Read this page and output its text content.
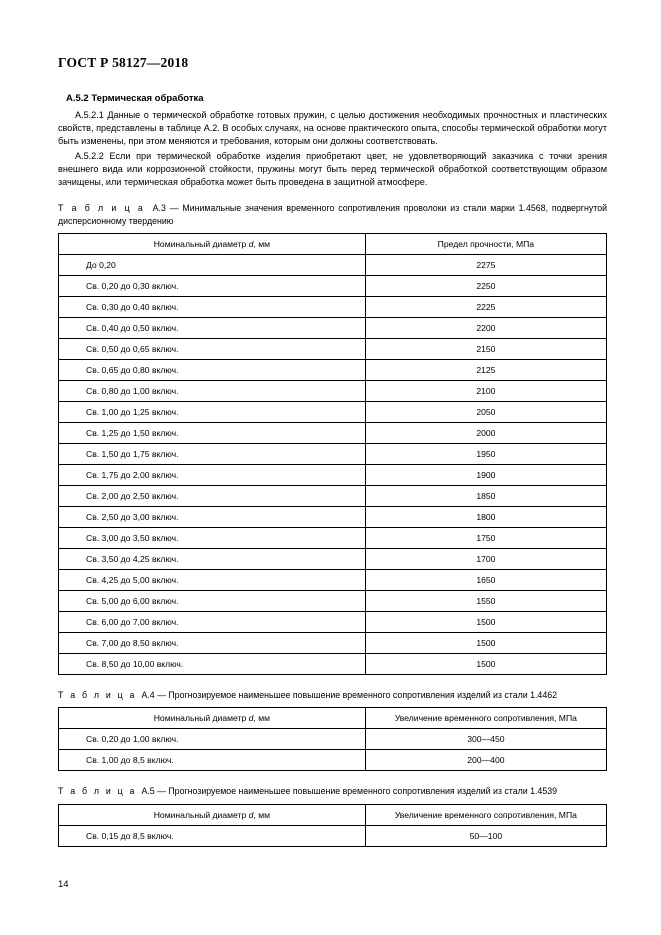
ГОСТ Р 58127—2018
А.5.2 Термическая обработка

А.5.2.1 Данные о термической обработке готовых пружин, с целью достижения необходимых прочностных и пластических свойств, представлены в таблице А.2. В особых случаях, на основе практического опыта, способы термической обработки могут быть изменены, при этом меняются и требования, которым они должны соответствовать.

А.5.2.2 Если при термической обработке изделия приобретают цвет, не удовлетворяющий заказчика с точки зрения внешнего вида или коррозионной стойкости, пружины могут быть перед термической обработкой соответствующим образом зачищены, или термическая обработка может быть проведена в защитной атмосфере.

Т а б л и ц а А.3 — Минимальные значения временного сопротивления проволоки из стали марки 1.4568, подвергнутой дисперсионному твердению
Номинальный диаметр d, мм	Предел прочности, МПа
До 0,20	2275
Св. 0,20 до 0,30 включ.	2250
Св. 0,30 до 0,40 включ.	2225
Св. 0,40 до 0,50 включ.	2200
Св. 0,50 до 0,65 включ.	2150
Св. 0,65 до 0,80 включ.	2125
Св. 0,80 до 1,00 включ.	2100
Св. 1,00 до 1,25 включ.	2050
Св. 1,25 до 1,50 включ.	2000
Св. 1,50 до 1,75 включ.	1950
Св. 1,75 до 2,00 включ.	1900
Св. 2,00 до 2,50 включ.	1850
Св. 2,50 до 3,00 включ.	1800
Св. 3,00 до 3,50 включ.	1750
Св. 3,50 до 4,25 включ.	1700
Св. 4,25 до 5,00 включ.	1650
Св. 5,00 до 6,00 включ.	1550
Св. 6,00 до 7,00 включ.	1500
Св. 7,00 до 8,50 включ.	1500
Св. 8,50 до 10,00 включ.	1500
Т а б л и ц а А.4 — Прогнозируемое наименьшее повышение временного сопротивления изделий из стали 1.4462
Номинальный диаметр d, мм	Увеличение временного сопротивления, МПа
Св. 0,20 до 1,00 включ.	300—450
Св. 1,00 до 8,5 включ.	200—400
Т а б л и ц а А.5 — Прогнозируемое наименьшее повышение временного сопротивления изделий из стали 1.4539
Номинальный диаметр d, мм	Увеличение временного сопротивления, МПа
Св. 0,15 до 8,5 включ.	50—100
14
